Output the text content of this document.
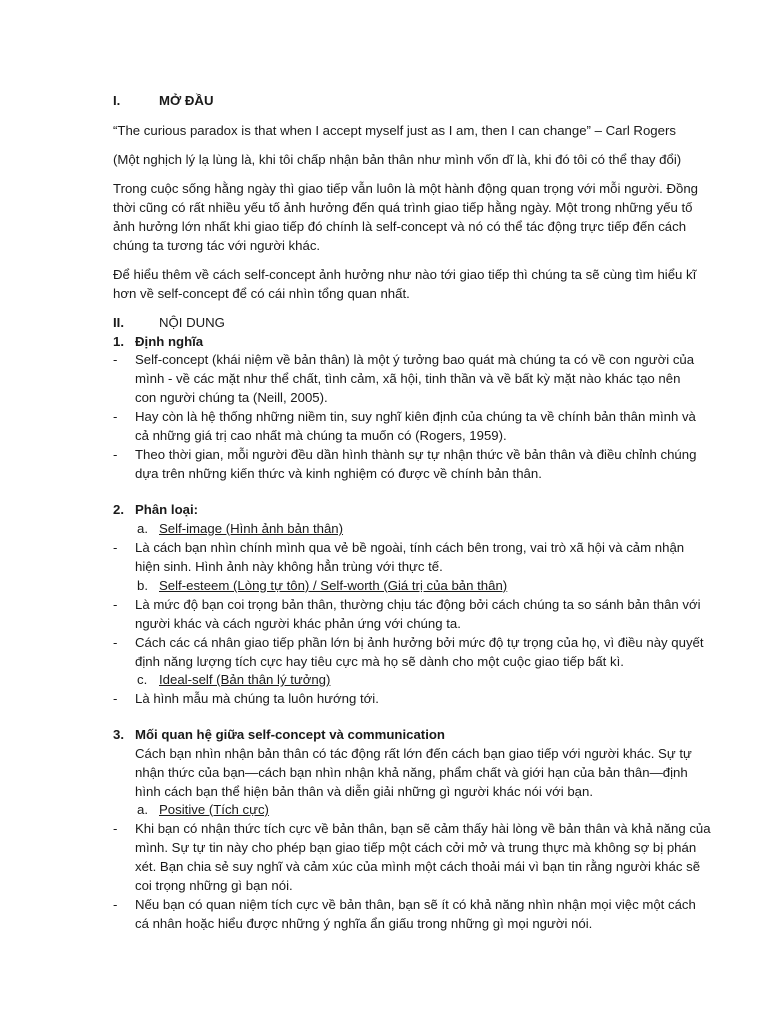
I.	MỞ ĐẦU
“The curious paradox is that when I accept myself just as I am, then I can change” – Carl Rogers
(Một nghịch lý lạ lùng là, khi tôi chấp nhận bản thân như mình vốn dĩ là, khi đó tôi có thể thay đổi)
Trong cuộc sống hằng ngày thì giao tiếp vẫn luôn là một hành động quan trọng với mỗi người. Đồng
thời cũng có rất nhiều yếu tố ảnh hưởng đến quá trình giao tiếp hằng ngày. Một trong những yếu tố
ảnh hưởng lớn nhất khi giao tiếp đó chính là self-concept và nó có thể tác động trực tiếp đến cách
chúng ta tương tác với người khác.
Để hiểu thêm về cách self-concept ảnh hưởng như nào tới giao tiếp thì chúng ta sẽ cùng tìm hiểu kĩ
hơn về self-concept để có cái nhìn tổng quan nhất.
II.	NỘI DUNG
1. Định nghĩa
- Self-concept (khái niệm về bản thân) là một ý tưởng bao quát mà chúng ta có về con người của
mình - về các mặt như thể chất, tình cảm, xã hội, tinh thần và về bất kỳ mặt nào khác tạo nên
con người chúng ta (Neill, 2005).
- Hay còn là hệ thống những niềm tin, suy nghĩ kiên định của chúng ta về chính bản thân mình và
cả những giá trị cao nhất mà chúng ta muốn có (Rogers, 1959).
- Theo thời gian, mỗi người đều dần hình thành sự tự nhận thức về bản thân và điều chỉnh chúng
dựa trên những kiến thức và kinh nghiệm có được về chính bản thân.
2. Phân loại:
a. Self-image (Hình ảnh bản thân)
- Là cách bạn nhìn chính mình qua vẻ bề ngoài, tính cách bên trong, vai trò xã hội và cảm nhận
hiện sinh. Hình ảnh này không hẳn trùng với thực tế.
b. Self-esteem (Lòng tự tôn) / Self-worth (Giá trị của bản thân)
- Là mức độ bạn coi trọng bản thân, thường chịu tác động bởi cách chúng ta so sánh bản thân với
người khác và cách người khác phản ứng với chúng ta.
- Cách các cá nhân giao tiếp phần lớn bị ảnh hưởng bởi mức độ tự trọng của họ, vì điều này quyết
định năng lượng tích cực hay tiêu cực mà họ sẽ dành cho một cuộc giao tiếp bất kì.
c. Ideal-self (Bản thân lý tưởng)
- Là hình mẫu mà chúng ta luôn hướng tới.
3. Mối quan hệ giữa self-concept và communication
Cách bạn nhìn nhận bản thân có tác động rất lớn đến cách bạn giao tiếp với người khác. Sự tự
nhận thức của bạn—cách bạn nhìn nhận khả năng, phẩm chất và giới hạn của bản thân—định
hình cách bạn thể hiện bản thân và diễn giải những gì người khác nói với bạn.
a. Positive (Tích cực)
- Khi bạn có nhận thức tích cực về bản thân, bạn sẽ cảm thấy hài lòng về bản thân và khả năng của
mình. Sự tự tin này cho phép bạn giao tiếp một cách cởi mở và trung thực mà không sợ bị phán
xét. Bạn chia sẻ suy nghĩ và cảm xúc của mình một cách thoải mái vì bạn tin rằng người khác sẽ
coi trọng những gì bạn nói.
- Nếu bạn có quan niệm tích cực về bản thân, bạn sẽ ít có khả năng nhìn nhận mọi việc một cách
cá nhân hoặc hiểu được những ý nghĩa ẩn giấu trong những gì mọi người nói.
